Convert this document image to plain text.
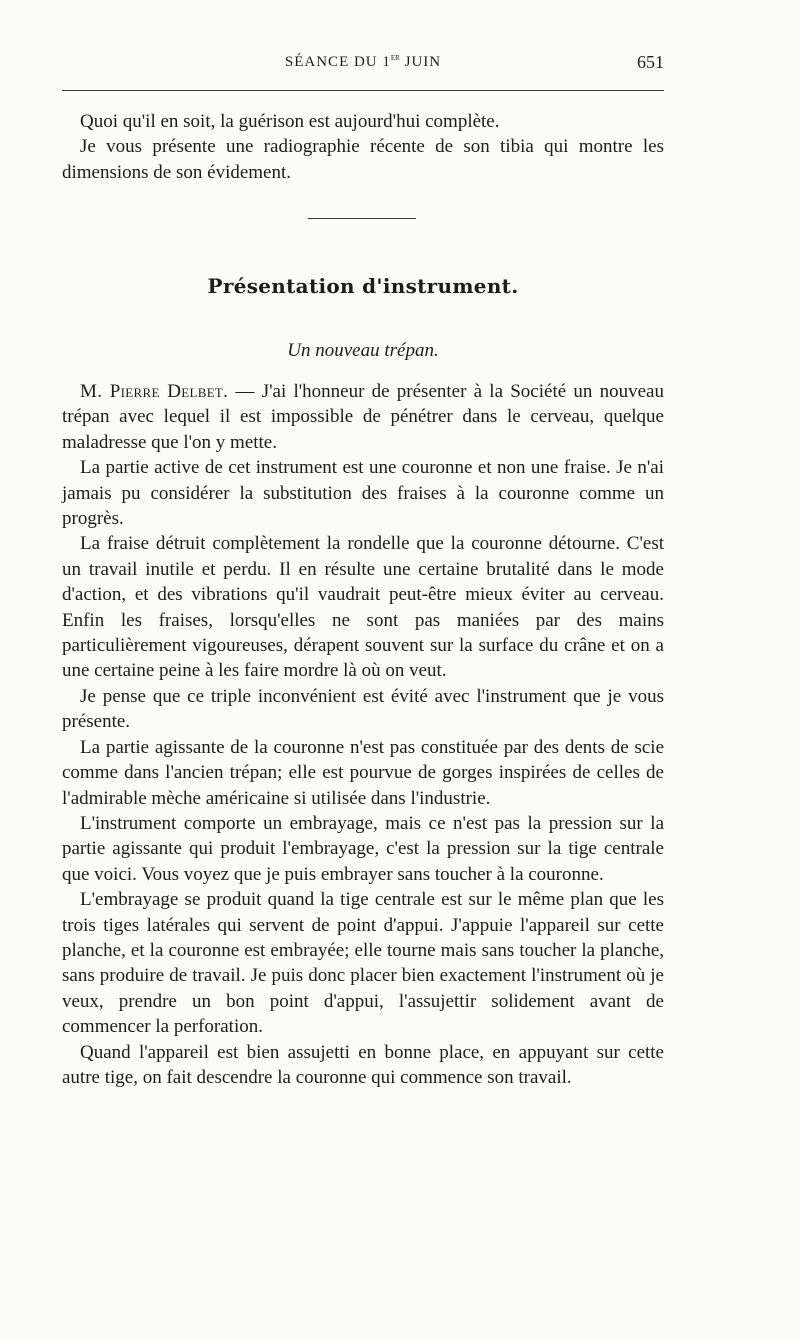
SÉANCE DU 1er JUIN	651

Quoi qu'il en soit, la guérison est aujourd'hui complète.

Je vous présente une radiographie récente de son tibia qui montre les dimensions de son évidement.

Présentation d'instrument.
Un nouveau trépan.

M. Pierre Delbet. — J'ai l'honneur de présenter à la Société un nouveau trépan avec lequel il est impossible de pénétrer dans le cerveau, quelque maladresse que l'on y mette.

La partie active de cet instrument est une couronne et non une fraise. Je n'ai jamais pu considérer la substitution des fraises à la couronne comme un progrès.

La fraise détruit complètement la rondelle que la couronne détourne. C'est un travail inutile et perdu. Il en résulte une certaine brutalité dans le mode d'action, et des vibrations qu'il vaudrait peut-être mieux éviter au cerveau. Enfin les fraises, lorsqu'elles ne sont pas maniées par des mains particulièrement vigoureuses, dérapent souvent sur la surface du crâne et on a une certaine peine à les faire mordre là où on veut.

Je pense que ce triple inconvénient est évité avec l'instrument que je vous présente.

La partie agissante de la couronne n'est pas constituée par des dents de scie comme dans l'ancien trépan; elle est pourvue de gorges inspirées de celles de l'admirable mèche américaine si utilisée dans l'industrie.

L'instrument comporte un embrayage, mais ce n'est pas la pression sur la partie agissante qui produit l'embrayage, c'est la pression sur la tige centrale que voici. Vous voyez que je puis embrayer sans toucher à la couronne.

L'embrayage se produit quand la tige centrale est sur le même plan que les trois tiges latérales qui servent de point d'appui. J'appuie l'appareil sur cette planche, et la couronne est embrayée; elle tourne mais sans toucher la planche, sans produire de travail. Je puis donc placer bien exactement l'instrument où je veux, prendre un bon point d'appui, l'assujettir solidement avant de commencer la perforation.

Quand l'appareil est bien assujetti en bonne place, en appuyant sur cette autre tige, on fait descendre la couronne qui commence son travail.
